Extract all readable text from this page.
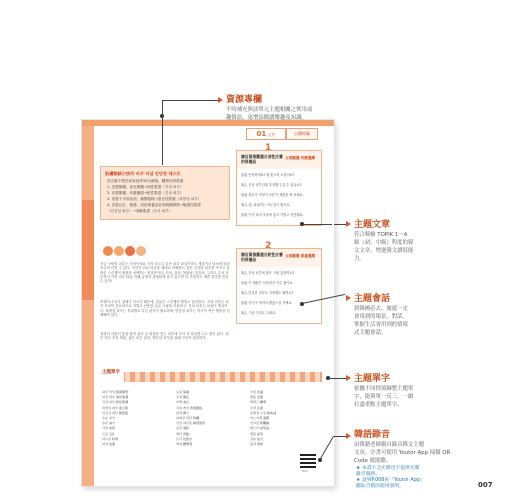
01 文件	自購經驗
肌膚測試小技巧 피부 타입 간단한 테스트
洗完臉不擦任何東西等30分鐘後，觀察你的肌膚
1. 皮膚緊繃、油光明顯→油性肌膚（지성 피부）
2. 皮膚緊繃、有緊繃感→乾性肌膚（건성 피부）
3. 皮膚下半部出油、頰側粗糙→混合性肌膚（복합성 피부）
4. 皮膚泛紅、敏感：試用保養品容易刺痛發熱→敏感性肌膚
（민감성 피부）→油嫩肌膚（수서 피부）
지금 사람의 피부는 지성이에요 각각 다르고 같은 피부 타입이라도 계절이나 날씨에 따라 조금씩 다를 수 있다. 자신의 피부 타입을 제대로 이해하는 것은 건강한 피부를 가꾸고 올바른 스킨케어 제품을 선택하는 첫걸음이다. 지성, 건성, 복합성, 민감성, 그리고 수서 피부까지 이번 피부 타입 이해 글에서 상세하게 알고 있으면 더 건강하고 예쁜 피부를 만들 수 있다!
비행이나 피부 상태가 다르기 때문에, 얼굴은 스킨케어 방법도 달라진다. 지성 피부는 피지 조절이 중요하므로 가볍고 산뜻한 수분 크림을 사용하고, 건성 피부는 보습이 핵심이다. 복합성 피부는 부위별로 다른 관리가 필요하며, 민감성 피부는 자극이 적은 제품을 선택해야 한다.
정성의 사람의 통합 참여 관리 등 화장품 맞는 피부에 가서 각 타입별 수도 원인 있다. 피부 적극 추천 제품, 좋은 피부 관리, 깨끗한 피부를 위해 꾸준히 관리하자.
1
請店員推薦適合油性皮膚的保養品
文章擷選 均衡選擇
店員 안녕하세요! 뭘 찾으러 오셨어요?
客人 지성 피부인데 추천해 주실 수 있나요?
店員 피부가 지성이시면 이 제품을 써 보세요.
客人 네, 파워지는 아무것이 좋아요.
店員 이건 피지 조절에 좋고 가볍고 산뜻해요.
2
請店員推薦適合乾性皮膚的保養品
文章擷選 保養選擇
客人 건성 피부에 좋은 크림 있을까요?
店員 이 제품은 보습력이 아주 좋아요.
客人 민감한 피부도 사용해도 될까요?
店員 자극이 적어서 괜찮으실 거예요.
客人 그럼 이걸로 주세요.
主題單字
피부 타입 肌膚類型
지성 피부 油性肌膚
건성 피부 乾性肌膚
복합성 피부 混合肌
민감성 피부 敏感肌
수분 水分
유분 油分
각질 角質
모공 毛孔
여드름 粉刺
피지 皮脂
보습 保濕
진정 鎮定
미백 美白
주름 개선 改善皺紋
탄력 彈力
자외선 차단 防曬
민감 피부용 敏感肌用
순한 溫和
세안 洗臉
토너 化妝水
세럼 精華液
크림 乳霜
앰플 安瓶
에센스 精華
로션 乳液
클렌징 오일 卸妝油
마스크팩 面膜
선크림 防曬霜
테스터 試用品
샘플 試用
성분 成分
효과 效果
013
資源專欄
不時補充與該單元主題相關之實用或
趣資訊，更增添閱讀樂趣及知識。
主題文章
符合韓檢 TOPIK 1～4
級（初、中級）程度的韓
文文章，增進韓文讀寫能
力。
主題會話
到韓國必去、旅遊一定
會用到的場景，對話，
掌握生活會用到的情境
式主題會話。
主題單字
依據不同情境歸整主題單
字，能與單一反三，一網
打盡重點主題單字。
韓語錄音
由韓籍老師親自錄音韓文主題
文章，全書可使用 Youtor App 掃描 QR
Code 就能聽。
★ 本書不含光碟也不提供光碟
錄音服務。
★ 請到P.008看『Youtor App』
聽取音檔的使用說明。	007
